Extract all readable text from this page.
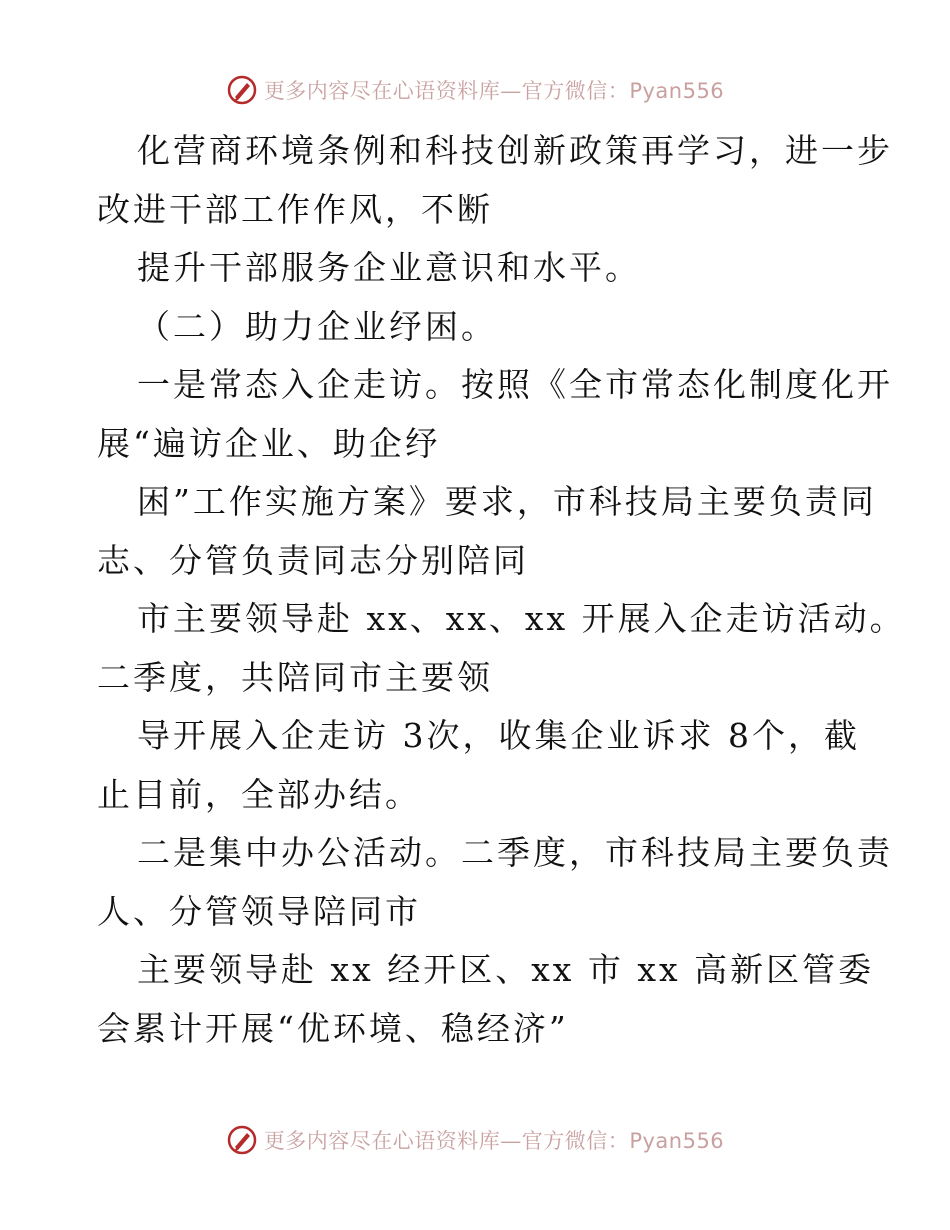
更多内容尽在心语资料库—官方微信：Pyan556
化营商环境条例和科技创新政策再学习，进一步
改进干部工作作风，不断
提升干部服务企业意识和水平。
（二）助力企业纾困。
一是常态入企走访。按照《全市常态化制度化开
展“遍访企业、助企纾
困”工作实施方案》要求，市科技局主要负责同
志、分管负责同志分别陪同
市主要领导赴 xx、xx、xx 开展入企走访活动。
二季度，共陪同市主要领
导开展入企走访 3次，收集企业诉求 8个，截
止目前，全部办结。
二是集中办公活动。二季度，市科技局主要负责
人、分管领导陪同市
主要领导赴 xx 经开区、xx 市 xx 高新区管委
会累计开展“优环境、稳经济”
更多内容尽在心语资料库—官方微信：Pyan556
